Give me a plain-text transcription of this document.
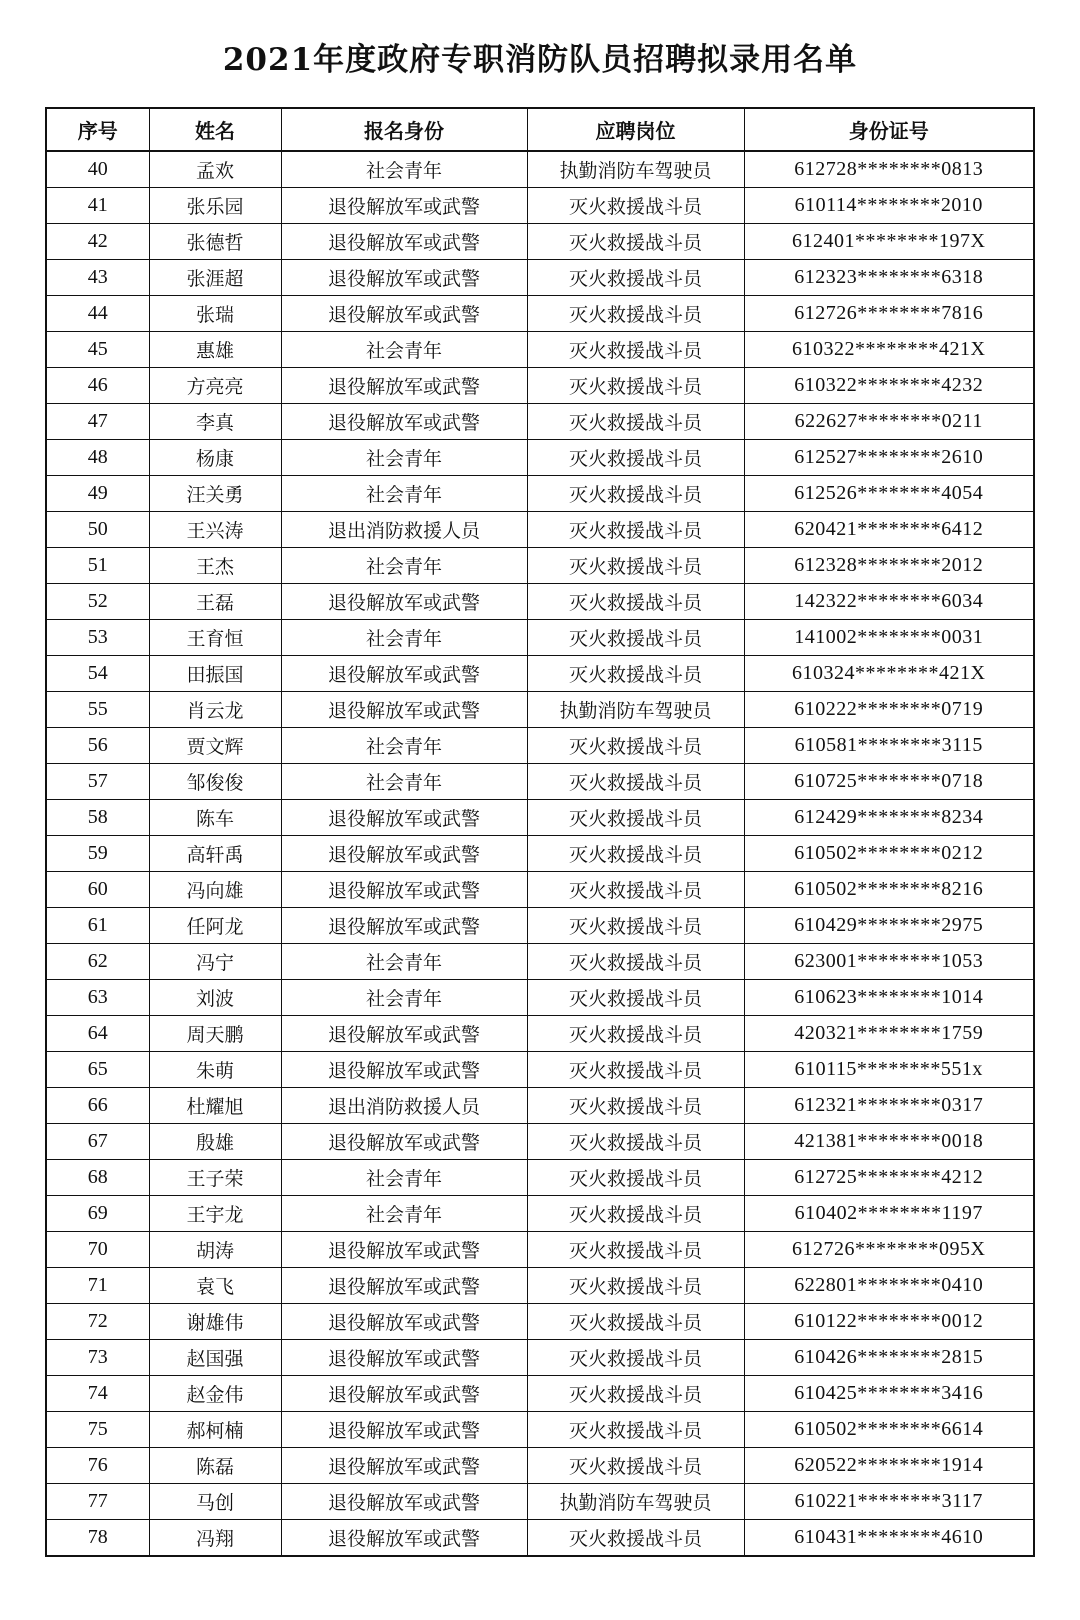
2021年度政府专职消防队员招聘拟录用名单
序号	姓名	报名身份	应聘岗位	身份证号
40	孟欢	社会青年	执勤消防车驾驶员	612728********0813
41	张乐园	退役解放军或武警	灭火救援战斗员	610114********2010
42	张德哲	退役解放军或武警	灭火救援战斗员	612401********197X
43	张涯超	退役解放军或武警	灭火救援战斗员	612323********6318
44	张瑞	退役解放军或武警	灭火救援战斗员	612726********7816
45	惠雄	社会青年	灭火救援战斗员	610322********421X
46	方亮亮	退役解放军或武警	灭火救援战斗员	610322********4232
47	李真	退役解放军或武警	灭火救援战斗员	622627********0211
48	杨康	社会青年	灭火救援战斗员	612527********2610
49	汪关勇	社会青年	灭火救援战斗员	612526********4054
50	王兴涛	退出消防救援人员	灭火救援战斗员	620421********6412
51	王杰	社会青年	灭火救援战斗员	612328********2012
52	王磊	退役解放军或武警	灭火救援战斗员	142322********6034
53	王育恒	社会青年	灭火救援战斗员	141002********0031
54	田振国	退役解放军或武警	灭火救援战斗员	610324********421X
55	肖云龙	退役解放军或武警	执勤消防车驾驶员	610222********0719
56	贾文辉	社会青年	灭火救援战斗员	610581********3115
57	邹俊俊	社会青年	灭火救援战斗员	610725********0718
58	陈车	退役解放军或武警	灭火救援战斗员	612429********8234
59	高轩禹	退役解放军或武警	灭火救援战斗员	610502********0212
60	冯向雄	退役解放军或武警	灭火救援战斗员	610502********8216
61	任阿龙	退役解放军或武警	灭火救援战斗员	610429********2975
62	冯宁	社会青年	灭火救援战斗员	623001********1053
63	刘波	社会青年	灭火救援战斗员	610623********1014
64	周天鹏	退役解放军或武警	灭火救援战斗员	420321********1759
65	朱萌	退役解放军或武警	灭火救援战斗员	610115********551x
66	杜耀旭	退出消防救援人员	灭火救援战斗员	612321********0317
67	殷雄	退役解放军或武警	灭火救援战斗员	421381********0018
68	王子荣	社会青年	灭火救援战斗员	612725********4212
69	王宇龙	社会青年	灭火救援战斗员	610402********1197
70	胡涛	退役解放军或武警	灭火救援战斗员	612726********095X
71	袁飞	退役解放军或武警	灭火救援战斗员	622801********0410
72	谢雄伟	退役解放军或武警	灭火救援战斗员	610122********0012
73	赵国强	退役解放军或武警	灭火救援战斗员	610426********2815
74	赵金伟	退役解放军或武警	灭火救援战斗员	610425********3416
75	郝柯楠	退役解放军或武警	灭火救援战斗员	610502********6614
76	陈磊	退役解放军或武警	灭火救援战斗员	620522********1914
77	马创	退役解放军或武警	执勤消防车驾驶员	610221********3117
78	冯翔	退役解放军或武警	灭火救援战斗员	610431********4610
